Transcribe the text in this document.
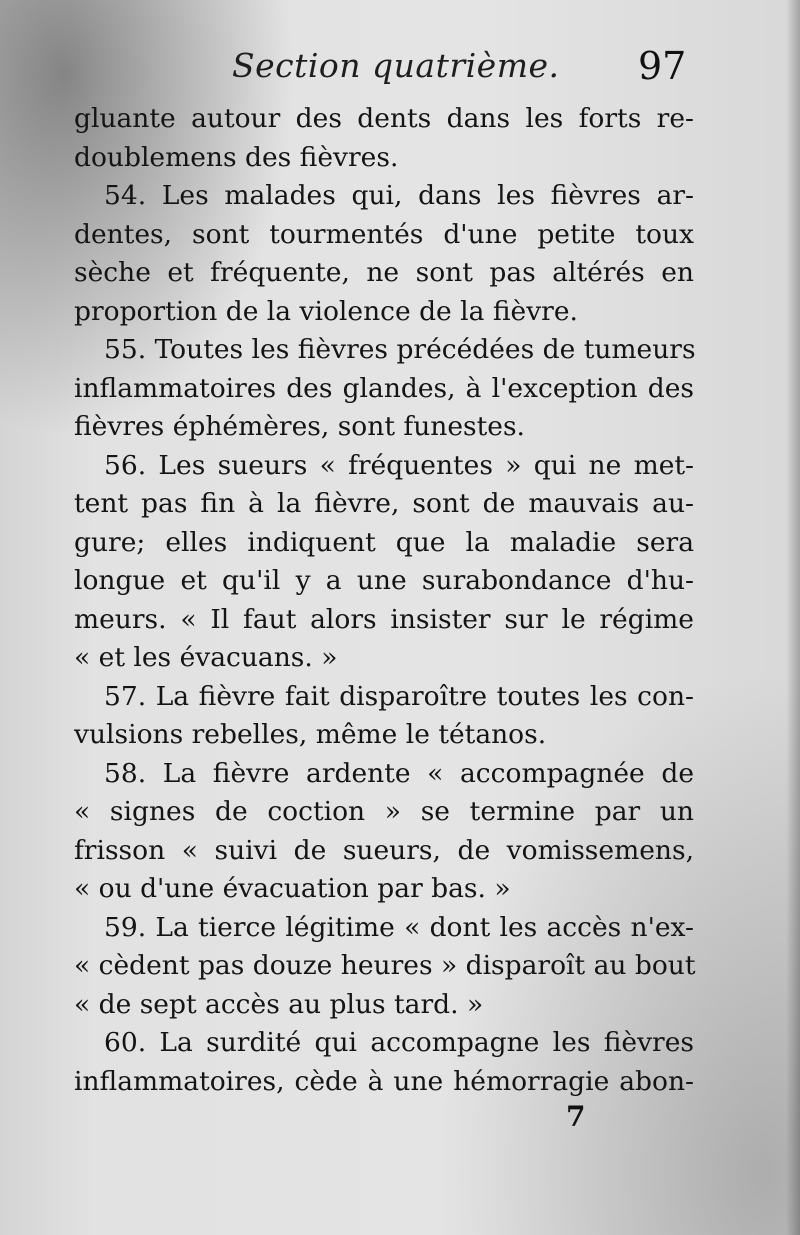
Section quatrième. 97
gluante autour des dents dans les forts re-
doublemens des fièvres.
54. Les malades qui, dans les fièvres ar-
dentes, sont tourmentés d'une petite toux
sèche et fréquente, ne sont pas altérés en
proportion de la violence de la fièvre.
55. Toutes les fièvres précédées de tumeurs
inflammatoires des glandes, à l'exception des
fièvres éphémères, sont funestes.
56. Les sueurs « fréquentes » qui ne met-
tent pas fin à la fièvre, sont de mauvais au-
gure; elles indiquent que la maladie sera
longue et qu'il y a une surabondance d'hu-
meurs. « Il faut alors insister sur le régime
« et les évacuans. »
57. La fièvre fait disparoître toutes les con-
vulsions rebelles, même le tétanos.
58. La fièvre ardente « accompagnée de
« signes de coction » se termine par un
frisson « suivi de sueurs, de vomissemens,
« ou d'une évacuation par bas. »
59. La tierce légitime « dont les accès n'ex-
« cèdent pas douze heures » disparoît au bout
« de sept accès au plus tard. »
60. La surdité qui accompagne les fièvres
inflammatoires, cède à une hémorragie abon-
7
